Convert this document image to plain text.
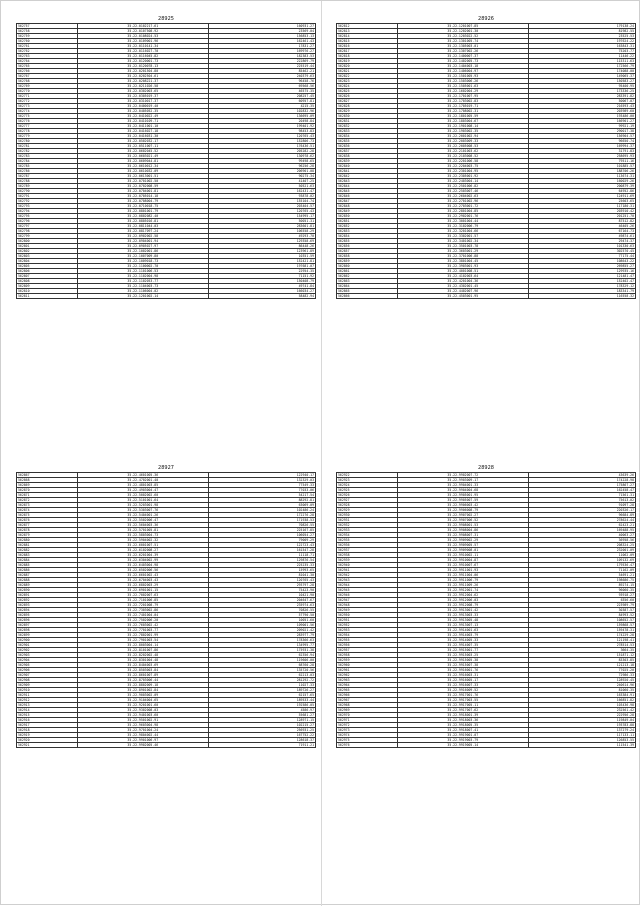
28925
562757	35.22.0102217.61	160931.27
562758	35.22.0107508.92	23569.04
562759	35.22.0108024.53	156853.13
562760	35.22.0109001.96	162461.43
562761	35.22.0110141.34	17831.27
562762	35.22.0116027.70	169976.27
562763	35.22.0116045.82	182383.53
562764	35.22.0120001.73	222869.79
562765	35.22.0120078.13	225519.44
562766	35.22.0201504.80	85462.21
562767	35.22.0202504.61	240379.63
562768	35.22.0208221.37	96458.76
562769	35.22.0211026.58	69568.56
562770	35.22.0302003.65	46575.35
562771	35.22.0305019.37	208257.45
562772	35.22.0310017.37	60957.81
562773	35.22.0400019.40	4215.35
562774	35.22.0405052.35	102832.96
562775	35.22.0410022.49	136695.09
562776	35.22.0410109.71	20498.84
562777	35.22.0411001.10	199401.92
562778	35.22.0416027.18	98453.83
562779	35.22.0416031.30	120765.43
562780	35.22.0502032.17	152806.73
562781	35.22.0511007.11	176436.51
562782	35.22.0602045.52	205282.28
562783	35.22.0603021.49	130978.62
562784	35.22.0609044.81	99498.65
562785	35.22.0610012.34	96256.28
562786	35.22.0610032.09	206901.08
562787	35.22.0613001.51	90275.34
562788	35.22.0701002.50	41407.25
562789	35.22.0702008.59	50521.63
562790	35.22.0704001.81	162431.47
562791	35.22.0705014.18	93878.02
562792	35.22.0708004.79	155104.74
562793	35.22.0710018.75	203404.57
562794	35.22.0801001.79	120765.43
562795	35.22.0802082.40	154995.17
562796	35.22.0805016.81	50051.31
562797	35.22.0811044.03	283601.81
562798	35.22.0817097.24	106558.29
562799	35.22.0902002.58	49293.70
562800	35.22.0904001.94	129358.69
562801	35.22.0905027.97	86448.26
562802	35.22.1002001.86	123961.89
562803	35.22.1007009.80	10351.59
562804	35.22.1009018.73	152421.81
562805	35.22.1100002.70	197681.07
562806	35.22.1101006.53	22954.35
562807	35.22.1102004.98	71151.92
562808	35.22.1102053.77	150408.79
562809	35.22.1104003.73	49741.84
562810	35.22.1106004.02	166034.27
562811	35.22.1201002.14	58482.94
28926
562812	35.22.1201007.85	179138.24
562813	35.22.1202001.30	81982.55
562814	35.22.1203022.52	23525.53
562815	35.22.1301005.74	197624.22
562816	35.22.1305003.01	163843.31
562817	35.22.1307002.26	75203.77
562818	35.22.1400007.37	11446.22
562819	35.22.1402005.73	115311.63
562820	35.22.1404003.18	172566.79
562821	35.22.1406004.97	174088.00
562822	35.22.1501005.93	149065.37
562823	35.22.1503006.26	150583.27
562824	35.22.1505001.63	95400.95
562825	35.22.1602004.29	173336.25
562826	35.22.1701007.95	283391.82
562827	35.22.1703002.83	50067.07
562828	35.22.1705019.71	216593.43
562829	35.22.1708002.31	203989.60
562830	35.22.1801005.59	193486.00
562831	35.22.1803004.67	166901.27
562832	35.22.1901008.14	99921.19
562833	35.22.1903002.35	290017.38
562834	35.22.2001002.94	156904.57
562835	35.22.2003009.33	96650.74
562836	35.22.2005008.53	169994.37
562837	35.22.2101003.62	31791.83
562838	35.22.2103008.52	258695.93
562839	35.22.2201006.58	79511.16
562840	35.22.2204003.75	101885.57
562841	35.22.2301004.95	188706.26
562842	35.22.2305001.92	113674.31
562843	35.22.2403004.14	160029.26
562844	35.22.2501006.82	200879.39
562845	35.22.2503007.46	64952.86
562846	35.22.2604002.63	124911.69
562847	35.22.2701002.96	25603.65
562848	35.22.2703001.72	117180.31
562849	35.22.2801004.85	203910.42
562850	35.22.2902001.76	201251.70
562851	35.22.3001004.44	87512.82
562852	35.22.3102006.79	46405.26
562853	35.22.3201004.66	67164.73
562854	35.22.3302001.57	49874.61
562855	35.22.3401002.34	29474.37
562856	35.22.3501003.78	101330.63
562857	35.22.3603001.29	302570.45
562858	35.22.3701006.88	77175.44
562859	35.22.3801004.45	108643.22
562860	35.22.3903001.93	269855.27
562861	35.22.4001008.51	129935.16
562862	35.22.4102003.64	121481.47
562863	35.22.4201004.36	152402.47
562864	35.22.4302001.45	178329.12
562865	35.22.4402007.96	183341.79
562866	35.22.4503001.95	116558.32
28927
562867	35.22.4601005.36	122940.17
562868	35.22.4702001.40	132329.03
562869	35.22.4801003.85	77549.33
562870	35.22.4903004.47	77033.06
562871	35.22.5002002.60	54217.54
562872	35.22.5101001.64	88292.81
562873	35.22.5203001.98	63069.09
562874	35.22.5303007.76	102486.24
562875	35.22.5404001.26	172276.28
562876	35.22.5502006.47	171938.53
562877	35.22.5604003.36	70826.55
562878	35.22.5701005.81	225167.85
562879	35.22.5803004.73	106054.27
562880	35.22.5904002.32	79009.29
562881	35.22.6001007.51	122723.43
562882	35.22.6102008.27	161547.28
562883	35.22.6201004.39	11118.71
562884	35.22.6304002.99	129876.54
562885	35.22.6403004.98	225235.33
562886	35.22.6502006.56	15993.65
562887	35.22.6601002.43	81041.30
562888	35.22.6704003.43	120765.43
562889	35.22.6802003.29	293797.28
562890	35.22.6901001.15	75423.90
562891	35.22.7002007.63	10421.90
562892	35.22.7101006.85	204647.67
562893	35.22.7201008.79	235974.63
562894	35.22.7303002.86	70826.55
562895	35.22.7401004.04	57790.50
562896	35.22.7502006.20	10051.60
562897	35.22.7603002.42	109001.56
562898	35.22.7701003.77	209021.42
562899	35.22.7802001.99	283977.79
562900	35.22.7901003.54	178366.63
562901	35.22.8003004.14	134995.77
562902	35.22.8101007.86	175931.38
562903	35.22.8202002.48	62356.94
562904	35.22.8301004.48	119606.00
562905	35.22.8404003.69	68760.28
562906	35.22.8503003.84	135720.56
562907	35.22.8601007.89	62213.03
562908	35.22.8703006.44	281292.72
562909	35.22.8802009.18	11027.33
562910	35.22.8901002.84	189726.27
562911	35.22.9003002.09	62157.65
562912	35.22.9104004.65	189533.44
562913	35.22.9201001.60	192586.05
562914	35.22.9302008.03	4586.97
562915	35.22.9401003.60	55681.27
562916	35.22.9501002.91	128971.15
562917	35.22.9603004.98	102215.27
562918	35.22.9701004.24	256931.25
562919	35.22.9804002.44	167752.22
562920	35.22.9901006.97	128618.37
562921	35.22.9902005.46	71911.21
28928
562922	35.22.9902007.72	43639.26
562923	35.22.9903009.17	174228.98
562924	35.22.9904001.33	175867.27
562925	35.22.9904004.68	162458.47
562926	35.22.9905001.95	71561.31
562927	35.22.9905007.59	75613.02
562928	35.22.9906003.42	91097.28
562929	35.22.9906008.79	220326.17
562930	35.22.9907002.27	96684.89
562931	35.22.9907006.52	278624.44
562932	35.22.9908001.53	62423.21
562933	35.22.9908004.86	169488.95
562934	35.22.9908007.31	40063.27
562935	35.22.9909002.29	36958.56
562936	35.22.9909005.57	208324.25
562937	35.22.9909008.01	232001.09
562938	35.22.9910002.11	11062.09
562939	35.22.9910004.87	109132.69
562940	35.22.9910007.67	179536.47
562941	35.22.9911001.93	71162.09
562942	35.22.9911004.06	54691.21
562943	35.22.9911006.79	198686.75
562944	35.22.9911009.26	89274.15
562945	35.22.9912001.74	96060.35
562946	35.22.9912004.62	93918.27
562947	35.22.9912006.03	6356.60
562948	35.22.9912008.79	223989.79
562949	35.22.9913001.42	30387.57
562950	35.22.9913003.33	84993.52
562951	35.22.9913005.48	108652.57
562952	35.22.9913007.13	159868.57
562953	35.22.9914001.63	159478.31
562954	35.22.9914003.79	174229.28
562955	35.22.9914005.33	121198.41
562956	35.22.9914007.35	278514.53
562957	35.22.9915001.77	3664.35
562958	35.22.9915003.25	151871.12
562959	35.22.9915005.38	83303.85
562960	35.22.9915007.38	121213.18
562961	35.22.9916001.76	77025.20
562962	35.22.9916003.31	72986.33
562963	35.22.9916005.17	128920.45
562964	35.22.9916007.33	240614.96
562965	35.22.9916009.52	81060.35
562966	35.22.9917001.76	163384.91
562967	35.22.9917003.55	166851.82
562968	35.22.9917005.11	103436.98
562969	35.22.9917007.62	232561.42
562970	35.22.9918001.39	222956.28
562971	35.22.9918003.36	119849.04
562972	35.22.9918005.35	193783.88
562973	35.22.9918007.41	137279.24
562974	35.22.9919001.07	117133.11
562975	35.22.9919003.79	126853.55
562976	35.22.9919005.14	111541.39
